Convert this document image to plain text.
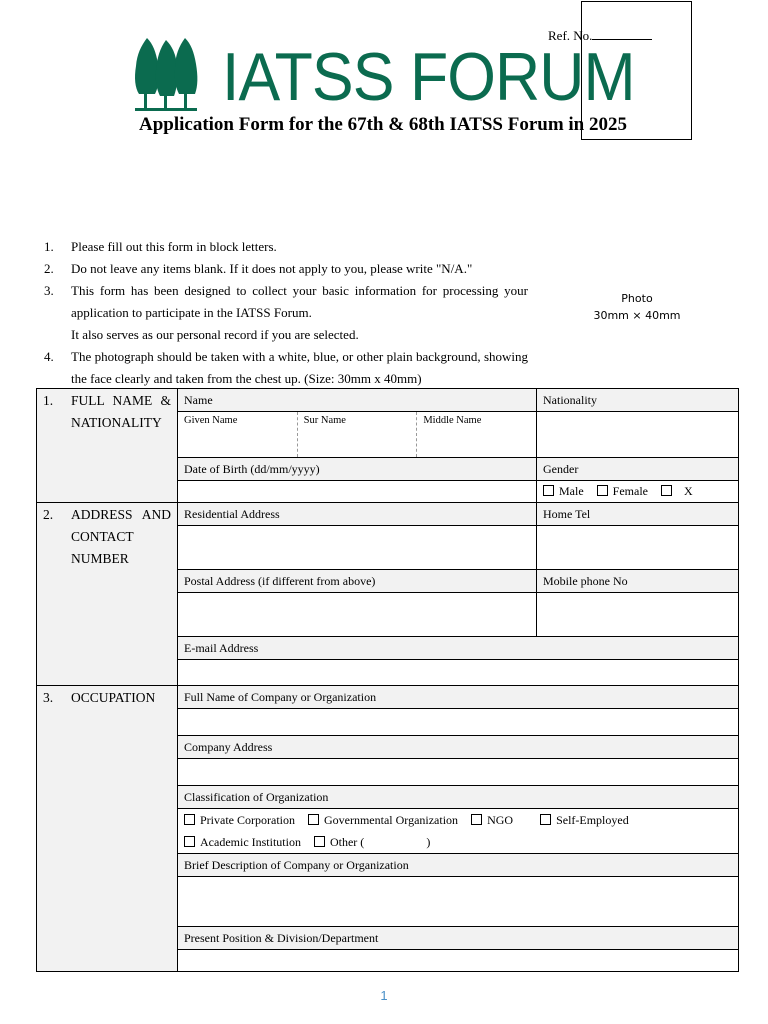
IATSS FORUM
Ref. No.
Application Form for the 67th & 68th IATSS Forum in 2025
Photo
30mm × 40mm
1.	Please fill out this form in block letters.
2.	Do not leave any items blank. If it does not apply to you, please write "N/A."
3.	This form has been designed to collect your basic information for processing your application to participate in the IATSS Forum.
It also serves as our personal record if you are selected.
4.	The photograph should be taken with a white, blue, or other plain background, showing the face clearly and taken from the chest up. (Size: 30mm x 40mm)
1. FULL NAME & NATIONALITY	Name	Nationality

	Given Name Sur Name Middle Name	

	Date of Birth (dd/mm/yyyy)	Gender
		Male Female X

2. ADDRESS AND CONTACT NUMBER	Residential Address	Home Tel

	Postal Address (if different from above)	Mobile phone No

	E-mail Address	

3. OCCUPATION	Full Name of Company or Organization	

	Company Address	

	Classification of Organization	

	Private Corporation Governmental Organization NGO Self-Employed
Academic Institution Other ( )	

	Brief Description of Company or Organization	

	Present Position & Division/Department	

1
